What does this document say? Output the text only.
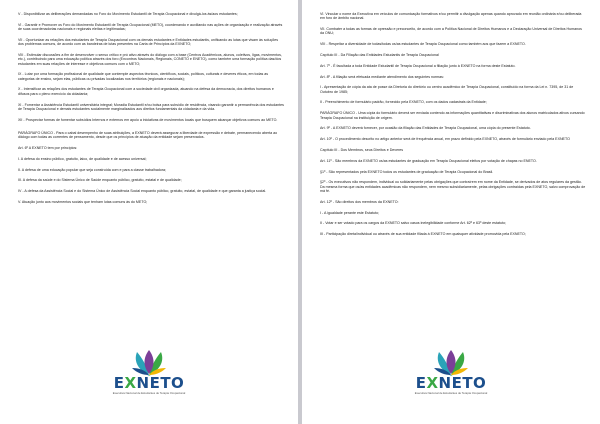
V - Disponibilizar as deliberações demandadas no Foro do Movimento Estudantil de Terapia Ocupacional e divulgá-los às/aos estudantes;

VI - Garantir e Promover os Foro do Movimento Estudantil de Terapia Ocupacional (METO), coordenando e auxiliando nas ações de organização e realização através de suas coordenadorias nacionais e regionais eleitas e legitimadas;

VII - Oportunizar as relações dos estudantes de Terapia Ocupacional com os demais estudantes e Entidades estudantis, unificando as lutas que visam às soluções dos problemas comuns, de acordo com as bandeiras de lutas presentes na Carta de Princípios da EXNETO;

VIII - Estimular discussões a fim de desenvolver o senso crítico e pró ativo através do diálogo com a base (Centros Acadêmicos, alunos, coletivos, ligas, movimentos, etc.), contribuindo para uma educação política através dos foro (Encontros Nacionais, Regionais, CONETO e ENETO), como também uma formação política das/dos estudantes em suas relações de interesse e objetivos comuns com o METO;

IX - Lutar por uma formação profissional de qualidade que contemple aspectos técnicos, científicos, sociais, políticos, culturais e deveres éticos, em todas as categorias de ensino, sejam elas, públicas ou privadas localizadas nos territórios (regionais e nacionais);

X - Intensificar as relações dos estudantes de Terapia Ocupacional com a sociedade civil organizada, atuando na defesa da democracia, dos direitos humanos e difusos para o pleno exercício da cidadania;

XI - Fomentar a Assistência Estudantil universitária integral; Moradia Estudantil e/ou bolsa para subsídio de residência, visando garantir a permanência dos estudantes de Terapia Ocupacional e demais estudantes socialmente marginalizados aos direitos fundamentais da cidadania e da vida.

XII - Prospectar formas de fomentar subsídios Internos e externos em apoio a iniciativas de movimentos locais que busquem alcançar objetivos comuns ao METO.

PARÁGRAFO ÚNICO - Para o cabal desempenho de suas atribuições, a EXNETO deverá assegurar a liberdade de expressão e debate, permanecendo aberta ao diálogo com todas as correntes de pensamento, desde que os princípios de atuação da entidade sejam preservados.

Art. 6º A EXNETO tem por princípios:

I. A defesa do ensino público, gratuito, laico, de qualidade e de acesso universal;

II. A defesa de uma educação popular que seja construída com e para a classe trabalhadora;

III. A defesa da saúde e do Sistema Único de Saúde enquanto público, gratuito, estatal e de qualidade;

IV - A defesa da Assistência Social e do Sistema Único de Assistência Social enquanto público, gratuito, estatal, de qualidade e que garanta a justiça social.

V. Atuação junto aos movimentos sociais que tenham lutas comuns às do METO;

EXNETO
Executiva Nacional de Estudantes de Terapia Ocupacional

VI. Vincular o nome da Executiva em veículos de comunicação formativos e/ou permitir a divulgação apenas quando aprovado em reunião ordinária e/ou deliberada em foro de âmbito nacional.

VII. Combater a todas as formas de opressão e preconceito, de acordo com a Política Nacional de Direitos Humanos e a Declaração Universal de Direitos Humanos da ONU;

VIII - Respeitar a diversidade de todas/todas os/as estudantes de Terapia Ocupacional como também aos que fazem a EXNETO.

Capítulo III - Da Filiação das Entidades Estudantis de Terapia Ocupacional

Art. 7º - É facultada a toda Entidade Estudantil de Terapia Ocupacional a filiação junto à EXNETO na forma deste Estatuto.

Art. 8º - A filiação será efetuada mediante atendimento dos seguintes normas:

I - Apresentação de cópia da ata de posse da Diretoria do diretório ou centro acadêmico de Terapia Ocupacional, constituído na forma da Lei n. 7395, de 31 de Outubro de 1985;

II - Preenchimento de formulário padrão, fornecido pela EXNETO, com os dados cadastrais da Entidade;

PARÁGRAFO ÚNICO - Uma cópia do formulário deverá ser enviada contendo as informações quantitativas e discriminativas dos alunos matriculados ativos cursando Terapia Ocupacional na instituição de origem.

Art. 9º - A EXNETO deverá fornecer, por ocasião da filiação das Entidades de Terapia Ocupacional, uma cópia do presente Estatuto.

Art. 10º - O procedimento descrito no artigo anterior será de frequência anual, em prazo definido pela EXNETO, através de formulário enviado pela EXNETO

Capítulo III - Dos Membros, seus Direitos e Deveres

Art. 11º - São membros da EXNETO os/as estudantes de graduação em Terapia Ocupacional eleitos por votação de chapas no ENETO.

§1º - São representados pela EXNETO todos os estudantes de graduação de Terapia Ocupacional do Brasil.

§2º - Os executivos não respondem, individual ou solidariamente pelas obrigações que contraírem em nome da Entidade, se derivados de atos regulares da gestão. Da mesma forma que os/as entidades acadêmicas não respondem, nem mesmo subsidiariamente, pelas obrigações contraídas pela EXNETO, salvo comprovação de má fé.

Art. 12º - São direitos dos membros da EXNETO:

I - A igualdade perante este Estatuto;

II - Votar e ser votado para os cargos da EXNETO salvo casos inelegibilidade conforme Art. 62º e 63º deste estatuto;

III - Participação direta/individual ou através de sua entidade filiada à EXNETO em quaisquer atividade promovida pela EXNETO;

EXNETO
Executiva Nacional de Estudantes de Terapia Ocupacional
